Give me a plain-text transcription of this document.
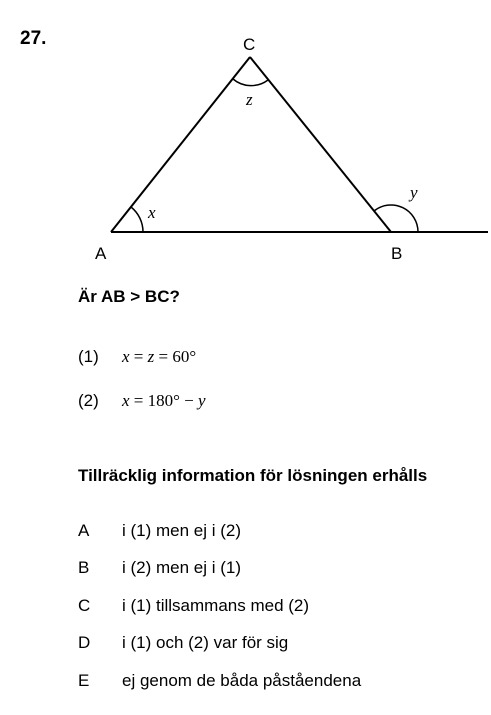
27.	C
A	B
x
z
y
Är AB > BC?
(1) x = z = 60°
(2) x = 180° − y
Tillräcklig information för lösningen erhålls
A i (1) men ej i (2)
B i (2) men ej i (1)
C i (1) tillsammans med (2)
D i (1) och (2) var för sig
E ej genom de båda påståendena
